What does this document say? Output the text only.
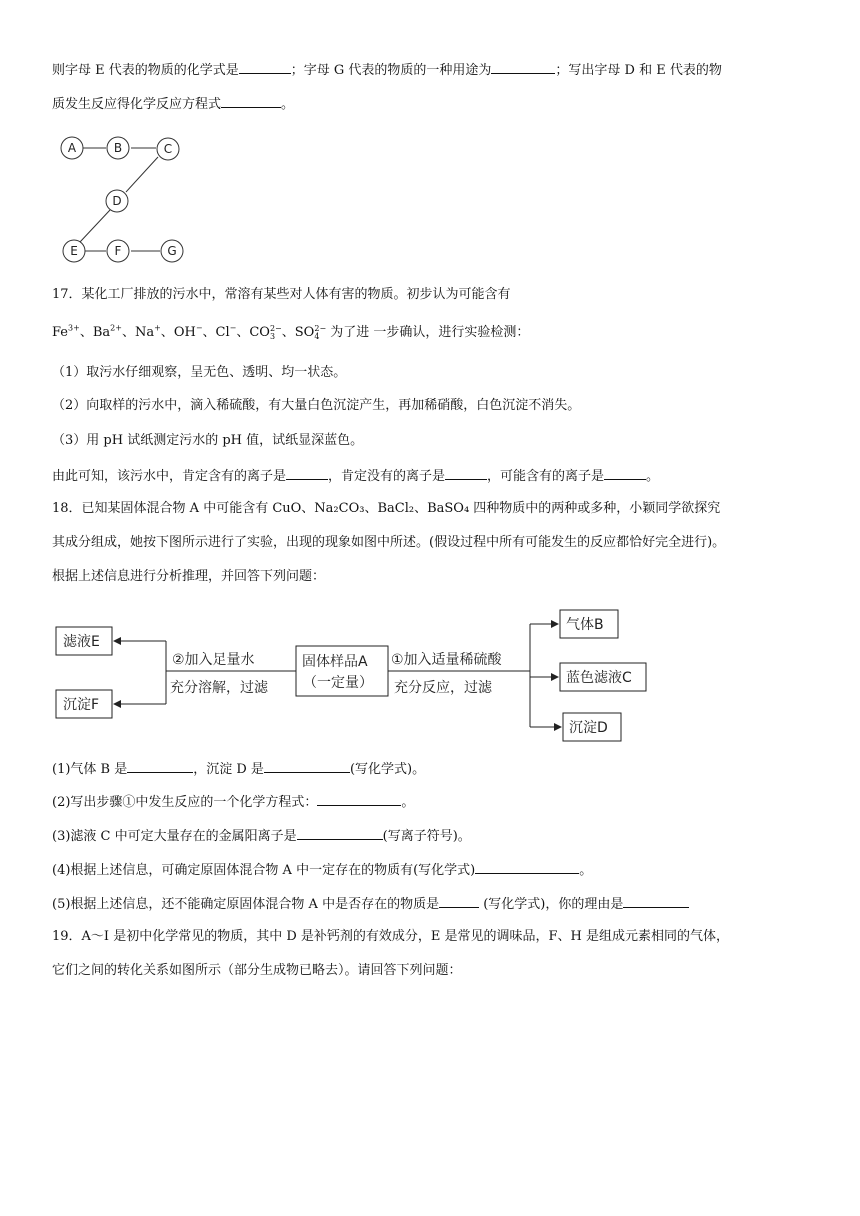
则字母 E 代表的物质的化学式是	；字母 G 代表的物质的一种用途为	；写出字母 D 和 E 代表的物
质发生反应得化学反应方程式	。
A	B	C
D
E	F	G
17．某化工厂排放的污水中，常溶有某些对人体有害的物质。初步认为可能含有
$Fe^{3+}$、$Ba^{2+}$、Na+、OH−、Cl−、CO 2−
3 、SO 2−
4 为了进 一步确认，进行实验检测：
（1）取污水仔细观察，呈无色、透明、均一状态。
（2）向取样的污水中，滴入稀硫酸，有大量白色沉淀产生，再加稀硝酸，白色沉淀不消失。
（3）用 pH 试纸测定污水的 pH 值，试纸显深蓝色。
由此可知，该污水中，肯定含有的离子是	，肯定没有的离子是	，可能含有的离子是	。
18．已知某固体混合物 A 中可能含有 CuO、Na₂CO₃、BaCl₂、BaSO₄ 四种物质中的两种或多种，小颖同学欲探究
其成分组成，她按下图所示进行了实验，出现的现象如图中所述。(假设过程中所有可能发生的反应都恰好完全进行)。
根据上述信息进行分析推理，并回答下列问题：
滤液E
沉淀F
②加入足量水
充分溶解，过滤
固体样品A
（一定量）
①加入适量稀硫酸
充分反应，过滤
气体B
蓝色滤液C
沉淀D
(1)气体 B 是	，沉淀 D 是	(写化学式)。
(2)写出步骤①中发生反应的一个化学方程式：	。
(3)滤液 C 中可定大量存在的金属阳离子是	(写离子符号)。
(4)根据上述信息，可确定原固体混合物 A 中一定存在的物质有(写化学式)	。
(5)根据上述信息，还不能确定原固体混合物 A 中是否存在的物质是	(写化学式)，你的理由是
19．A～I 是初中化学常见的物质，其中 D 是补钙剂的有效成分，E 是常见的调味品，F、H 是组成元素相同的气体，
它们之间的转化关系如图所示（部分生成物已略去）。请回答下列问题：
